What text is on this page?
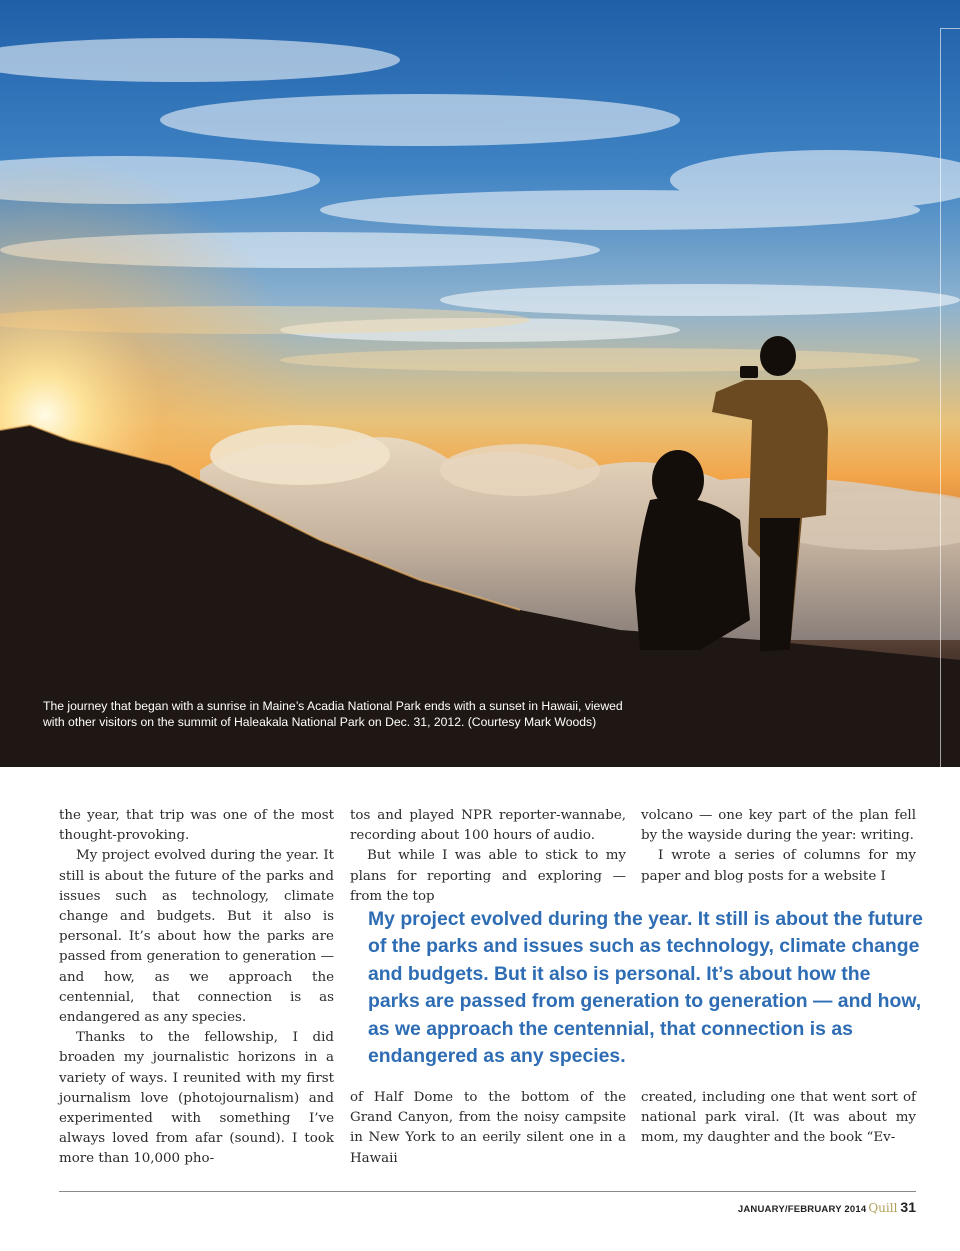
The journey that began with a sunrise in Maine’s Acadia National Park ends with a sunset in Hawaii, viewed with other visitors on the summit of Haleakala National Park on Dec. 31, 2012. (Courtesy Mark Woods)

the year, that trip was one of the most thought-provoking.

My project evolved during the year. It still is about the future of the parks and issues such as technology, climate change and budgets. But it also is personal. It’s about how the parks are passed from generation to generation — and how, as we approach the centennial, that connection is as endangered as any species.

Thanks to the fellowship, I did broaden my journalistic horizons in a variety of ways. I reunited with my first journalism love (photojournalism) and experimented with something I’ve always loved from afar (sound). I took more than 10,000 pho-

tos and played NPR reporter-wannabe, recording about 100 hours of audio.

But while I was able to stick to my plans for reporting and exploring — from the top

volcano — one key part of the plan fell by the wayside during the year: writing.

I wrote a series of columns for my paper and blog posts for a website I

My project evolved during the year. It still is about the future of the parks and issues such as technology, climate change and budgets. But it also is personal. It’s about how the parks are passed from generation to generation — and how, as we approach the centennial, that connection is as endangered as any species.

of Half Dome to the bottom of the Grand Canyon, from the noisy campsite in New York to an eerily silent one in a Hawaii

created, including one that went sort of national park viral. (It was about my mom, my daughter and the book “Ev-

JANUARY/FEBRUARY 2014 Quill 31
